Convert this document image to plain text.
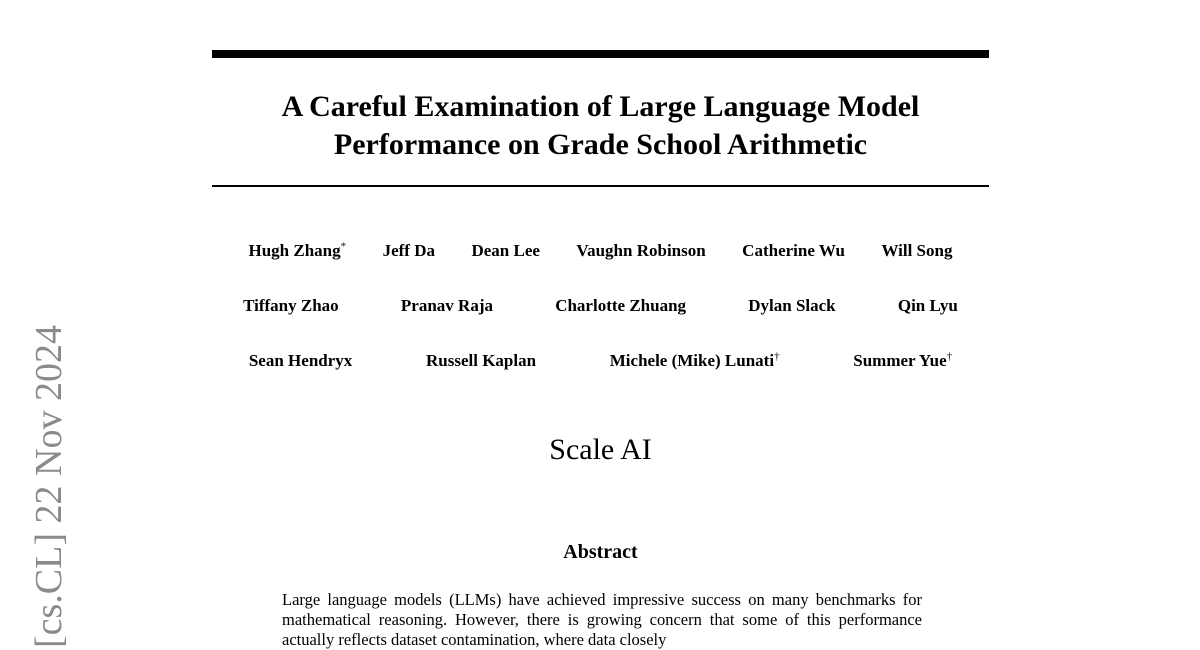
[cs.CL] 22 Nov 2024
A Careful Examination of Large Language Model Performance on Grade School Arithmetic
Hugh Zhang* Jeff Da Dean Lee Vaughn Robinson Catherine Wu Will Song
Tiffany Zhao	Pranav Raja	Charlotte Zhuang	Dylan Slack	Qin Lyu
Sean Hendryx	Russell Kaplan	Michele (Mike) Lunati†	Summer Yue†
Scale AI
Abstract
Large language models (LLMs) have achieved impressive success on many benchmarks for mathematical reasoning. However, there is growing concern that some of this performance actually reflects dataset contamination, where data closely
